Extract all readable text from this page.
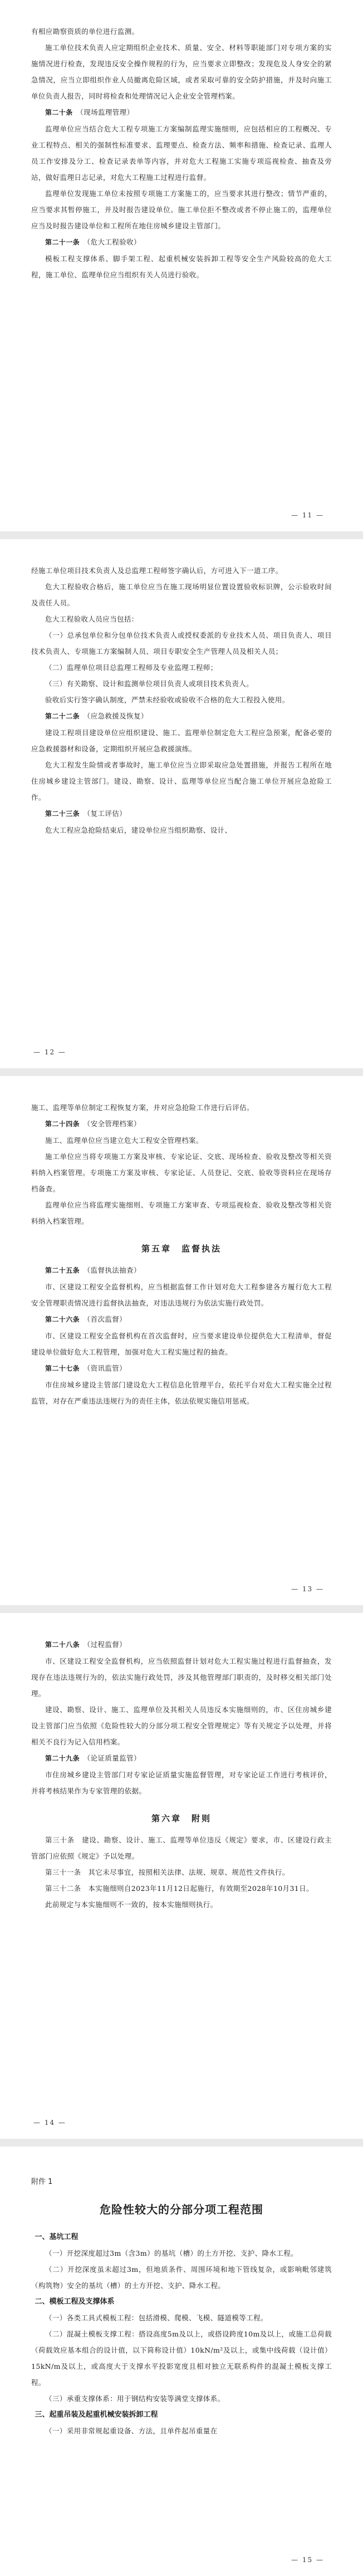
有相应勘察资质的单位进行监测。
施工单位技术负责人应定期组织企业技术、质量、安全、材料等职能部门对专项方案的实施情况进行检查，发现违反安全操作规程的行为，应当要求立即整改；发现危及人身安全的紧急情况，应当立即组织作业人员撤离危险区域，或者采取可靠的安全防护措施，并及时向施工单位负责人报告，同时将检查和处理情况记入企业安全管理档案。
第二十条　 （现场监理管理）
监理单位应当结合危大工程专项施工方案编制监理实施细则，应包括相应的工程概况、专业工程特点、相关的强制性标准要求、监理要点、检查方法、频率和措施、检查记录、监理人员工作安排及分工、检查记录表单等内容，并对危大工程施工实施专项巡视检查、抽查及旁站，做好监理日志记录，对危大工程施工过程进行监督。
监理单位发现施工单位未按照专项施工方案施工的，应当要求其进行整改；情节严重的，应当要求其暂停施工，并及时报告建设单位。施工单位拒不整改或者不停止施工的，监理单位应当及时报告建设单位和工程所在地住房城乡建设主管部门。
第二十一条　 （危大工程验收）
模板工程支撑体系、脚手架工程、起重机械安装拆卸工程等安全生产风险较高的危大工程，施工单位、监理单位应当组织有关人员进行验收。
— 11 —
经施工单位项目技术负责人及总监理工程师签字确认后，方可进入下一道工序。
危大工程验收合格后，施工单位应当在施工现场明显位置设置验收标识牌，公示验收时间及责任人员。
危大工程验收人员应当包括：
（一）总承包单位和分包单位技术负责人或授权委派的专业技术人员、项目负责人、项目技术负责人、专项施工方案编制人员、项目专职安全生产管理人员及相关人员；
（二）监理单位项目总监理工程师及专业监理工程师；
（三）有关勘察、设计和监测单位项目负责人或项目技术负责人。
验收后实行签字确认制度，严禁未经验收或验收不合格的危大工程投入使用。
第二十二条　 （应急救援及恢复）
建设工程项目建设单位应组织建设、施工、监理单位制定危大工程应急预案，配备必要的应急救援器材和设备，定期组织开展应急救援演练。
危大工程发生险情或者事故时，施工单位应当立即采取应急处置措施，并报告工程所在地住房城乡建设主管部门。建设、勘察、设计、监理等单位应当配合施工单位开展应急抢险工作。
第二十三条　 （复工评估）
危大工程应急抢险结束后，建设单位应当组织勘察、设计、
— 12 —
施工、监理等单位制定工程恢复方案，并对应急抢险工作进行后评估。
第二十四条　 （安全管理档案）
施工、监理单位应当建立危大工程安全管理档案。
施工单位应当将专项施工方案及审核、专家论证、交底、现场检查、验收及整改等相关资料纳入档案管理。专项施工方案及审核、专家论证、人员登记、交底、验收等资料应在现场存档备查。
监理单位应当将监理实施细则、专项施工方案审查、专项巡视检查、验收及整改等相关资料纳入档案管理。
第五章　监督执法
第二十五条　 （监督执法抽查）
市、区建设工程安全监督机构，应当根据监督工作计划对危大工程参建各方履行危大工程安全管理职责情况进行监督执法抽查，对违法违规行为依法实施行政处罚。
第二十六条　 （首次监督）
市、区建设工程安全监督机构在首次监督时，应当要求建设单位提供危大工程清单，督促建设单位做好危大工程管理，加强对危大工程实施过程的抽查。
第二十七条　 （资讯监管）
市住房城乡建设主管部门建设危大工程信息化管理平台，依托平台对危大工程实施全过程监管，对存在严重违法违规行为的责任主体，依法依规实施信用惩戒。
— 13 —
第二十八条　 （过程监督）
市、区建设工程安全监督机构，应当依照监督计划对危大工程实施过程进行监督抽查，发现存在违法违规行为的，依法实施行政处罚，涉及其他管理部门职责的，及时移交相关部门处理。
建设、勘察、设计、施工、监理单位及其相关人员违反本实施细则的，市、区住房城乡建设主管部门应当依照《危险性较大的分部分项工程安全管理规定》等有关规定予以处理，并将相关不良行为记入信用档案。
第二十九条　 （论证质量监管）
市住房城乡建设主管部门对专家论证质量实施监督管理，对专家论证工作进行考核评价，并将考核结果作为专家管理的依据。
第六章　附则
第三十条　建设、勘察、设计、施工、监理等单位违反《规定》要求，市、区建设行政主管部门应依照《规定》予以处理。
第三十一条　其它未尽事宜，按照相关法律、法规、规章、规范性文件执行。
第三十二条　本实施细则自2023年11月12日起施行，有效期至2028年10月31日。
此前规定与本实施细则不一致的，按本实施细则执行。
— 14 —
附件 1
危险性较大的分部分项工程范围
一、基坑工程
（一）开挖深度超过3m（含3m）的基坑（槽）的土方开挖、支护、降水工程。
（二）开挖深度虽未超过3m，但地质条件、周围环境和地下管线复杂，或影响毗邻建筑（构筑物）安全的基坑（槽）的土方开挖、支护、降水工程。
二、模板工程及支撑体系
（一）各类工具式模板工程：包括滑模、爬模、飞模、隧道模等工程。
（二）混凝土模板支撑工程：搭设高度5m及以上，或搭设跨度10m及以上，或施工总荷载（荷载效应基本组合的设计值，以下简称设计值）10kN/m²及以上，或集中线荷载（设计值）15kN/m及以上，或高度大于支撑水平投影宽度且相对独立无联系构件的混凝土模板支撑工程。
（三）承重支撑体系：用于钢结构安装等满堂支撑体系。
三、起重吊装及起重机械安装拆卸工程
（一）采用非常规起重设备、方法，且单件起吊重量在
— 15 —
